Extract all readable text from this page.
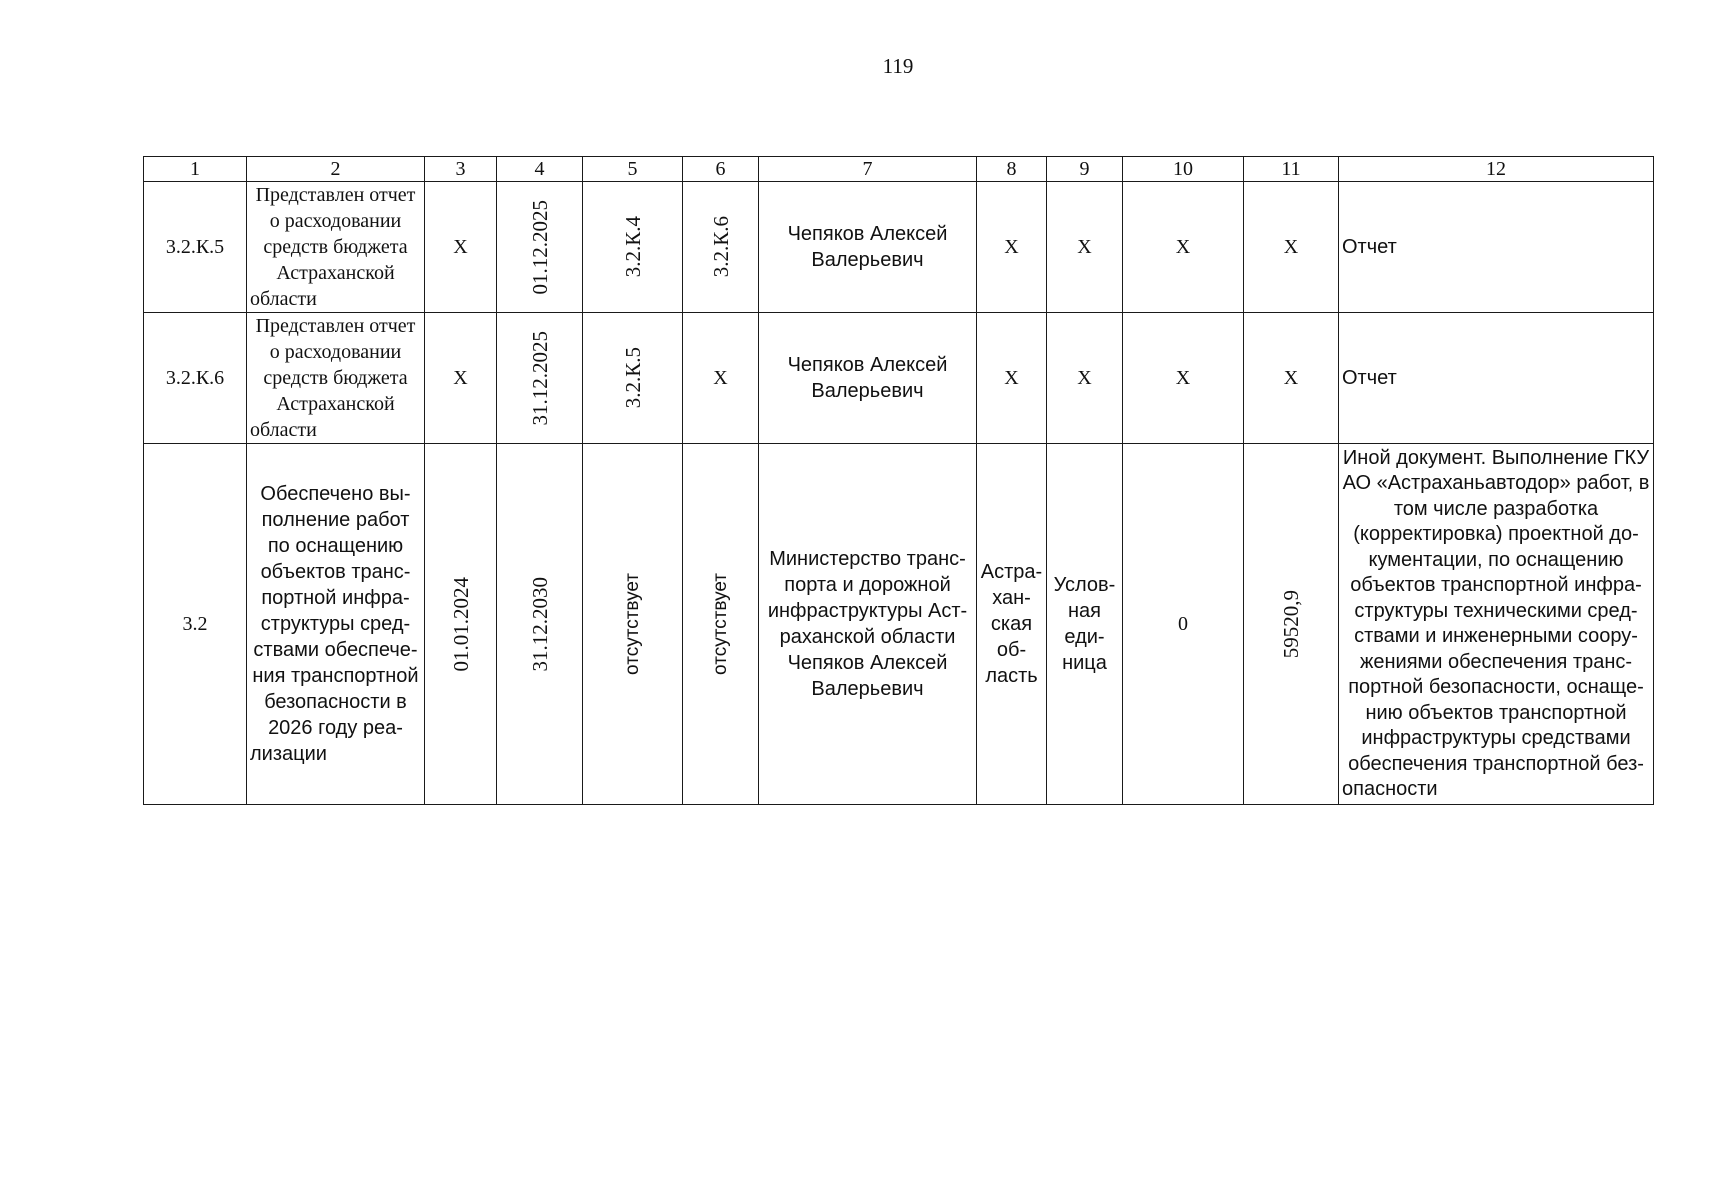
119
1	2	3	4	5	6	7	8	9	10	11	12
3.2.К.5	Представлен отчет о расходовании средств бюджета Астраханской области	X	01.12.2025	3.2.К.4	3.2.К.6	Чепяков Алексей Валерьевич	X	X	X	X	Отчет
3.2.К.6	Представлен отчет о расходовании средств бюджета Астраханской области	X	31.12.2025	3.2.К.5	X	Чепяков Алексей Валерьевич	X	X	X	X	Отчет
3.2	Обеспечено выполнение работ по оснащению объектов транспортной инфраструктуры средствами обеспечения транспортной безопасности в 2026 году реализации	01.01.2024	31.12.2030	отсутствует	отсутствует	Министерство транспорта и дорожной инфраструктуры Астраханской области Чепяков Алексей Валерьевич	Астраханская область	Условная единица	0	59520,9	Иной документ. Выполнение ГКУ АО «Астраханьавтодор» работ, в том числе разработка (корректировка) проектной документации, по оснащению объектов транспортной инфраструктуры техническими средствами и инженерными сооружениями обеспечения транспортной безопасности, оснащению объектов транспортной инфраструктуры средствами обеспечения транспортной безопасности
